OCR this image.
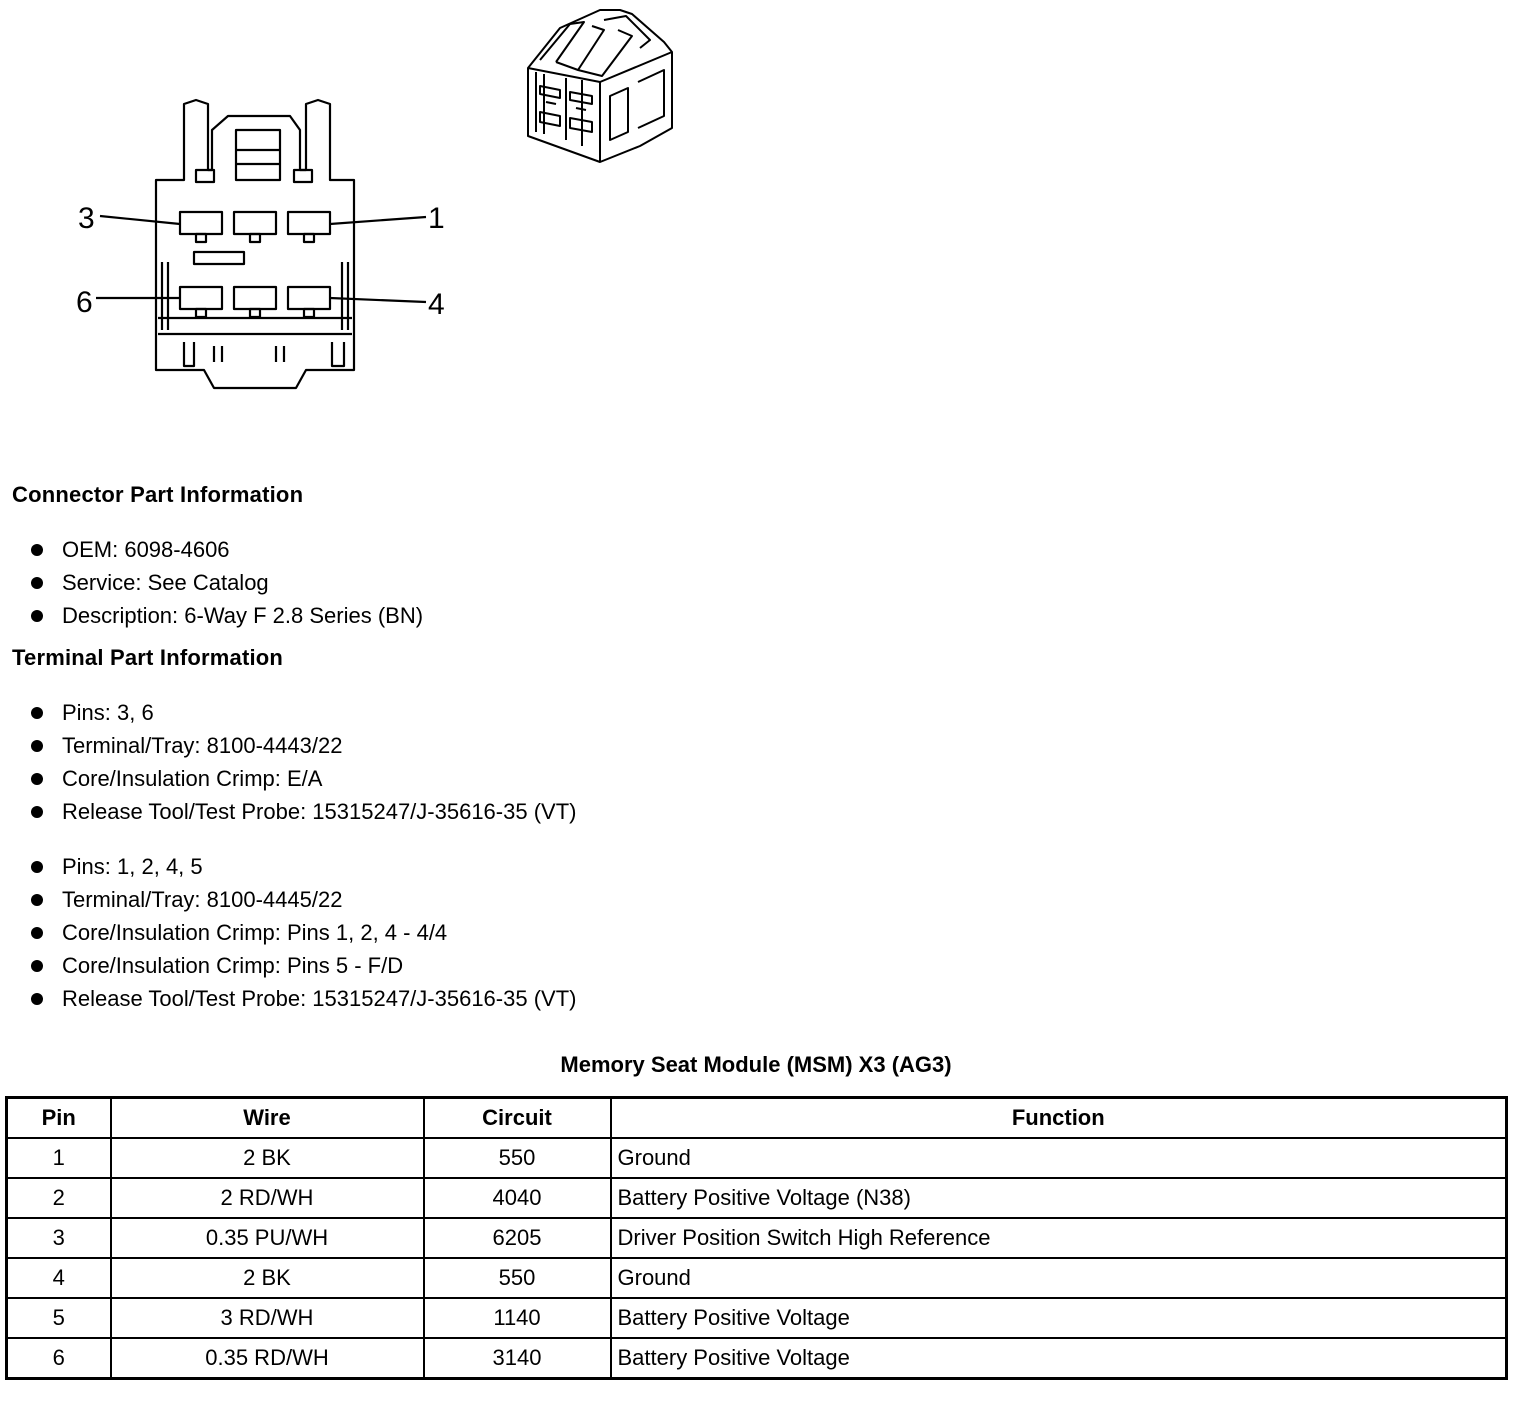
3	1
6	4
Connector Part Information
OEM: 6098-4606
Service: See Catalog
Description: 6-Way F 2.8 Series (BN)
Terminal Part Information
Pins: 3, 6
Terminal/Tray: 8100-4443/22
Core/Insulation Crimp: E/A
Release Tool/Test Probe: 15315247/J-35616-35 (VT)
Pins: 1, 2, 4, 5
Terminal/Tray: 8100-4445/22
Core/Insulation Crimp: Pins 1, 2, 4 - 4/4
Core/Insulation Crimp: Pins 5 - F/D
Release Tool/Test Probe: 15315247/J-35616-35 (VT)
Memory Seat Module (MSM) X3 (AG3)
Pin	Wire	Circuit	Function
1	2 BK	550	Ground
2	2 RD/WH	4040	Battery Positive Voltage (N38)
3	0.35 PU/WH	6205	Driver Position Switch High Reference
4	2 BK	550	Ground
5	3 RD/WH	1140	Battery Positive Voltage
6	0.35 RD/WH	3140	Battery Positive Voltage
